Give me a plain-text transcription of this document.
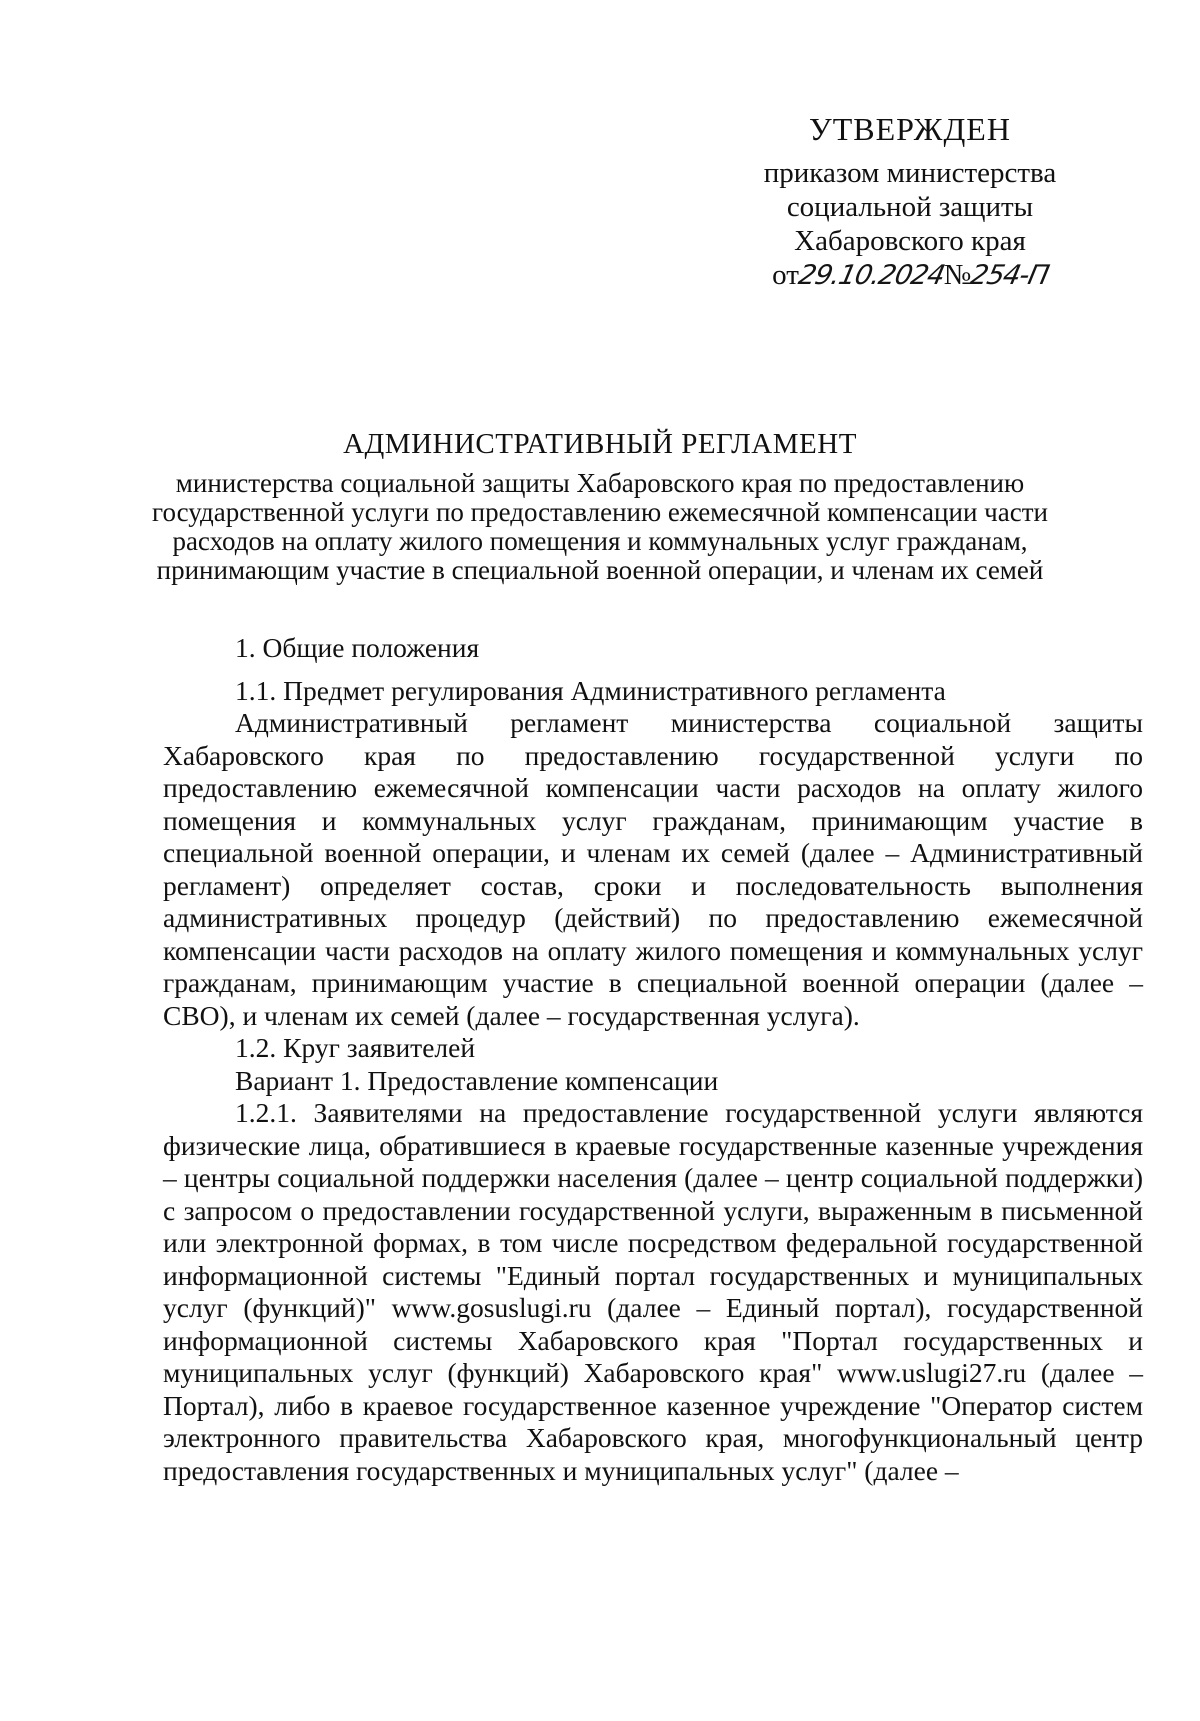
УТВЕРЖДЕН
приказом министерства
социальной защиты
Хабаровского края
от
29.10.2024
№
254-П
АДМИНИСТРАТИВНЫЙ РЕГЛАМЕНТ
министерства социальной защиты Хабаровского края по предоставлению
государственной услуги по предоставлению ежемесячной компенсации части
расходов на оплату жилого помещения и коммунальных услуг гражданам,
принимающим участие в специальной военной операции, и членам их семей

1. Общие положения

1.1. Предмет регулирования Административного регламента

Административный регламент министерства социальной защиты Хабаровского края по предоставлению государственной услуги по предоставлению ежемесячной компенсации части расходов на оплату жилого помещения и коммунальных услуг гражданам, принимающим участие в специальной военной операции, и членам их семей (далее – Административный регламент) определяет состав, сроки и последовательность выполнения административных процедур (действий) по предоставлению ежемесячной компенсации части расходов на оплату жилого помещения и коммунальных услуг гражданам, принимающим участие в специальной военной операции (далее – СВО), и членам их семей (далее – государственная услуга).

1.2. Круг заявителей

Вариант 1. Предоставление компенсации

1.2.1. Заявителями на предоставление государственной услуги являются физические лица, обратившиеся в краевые государственные казенные учреждения – центры социальной поддержки населения (далее – центр социальной поддержки) с запросом о предоставлении государственной услуги, выраженным в письменной или электронной формах, в том числе посредством федеральной государственной информационной системы "Единый портал государственных и муниципальных услуг (функций)" www.gosuslugi.ru (далее – Единый портал), государственной информационной системы Хабаровского края "Портал государственных и муниципальных услуг (функций) Хабаровского края" www.uslugi27.ru (далее – Портал), либо в краевое государственное казенное учреждение "Оператор систем электронного правительства Хабаровского края, многофункциональный центр предоставления государственных и муниципальных услуг" (далее –
